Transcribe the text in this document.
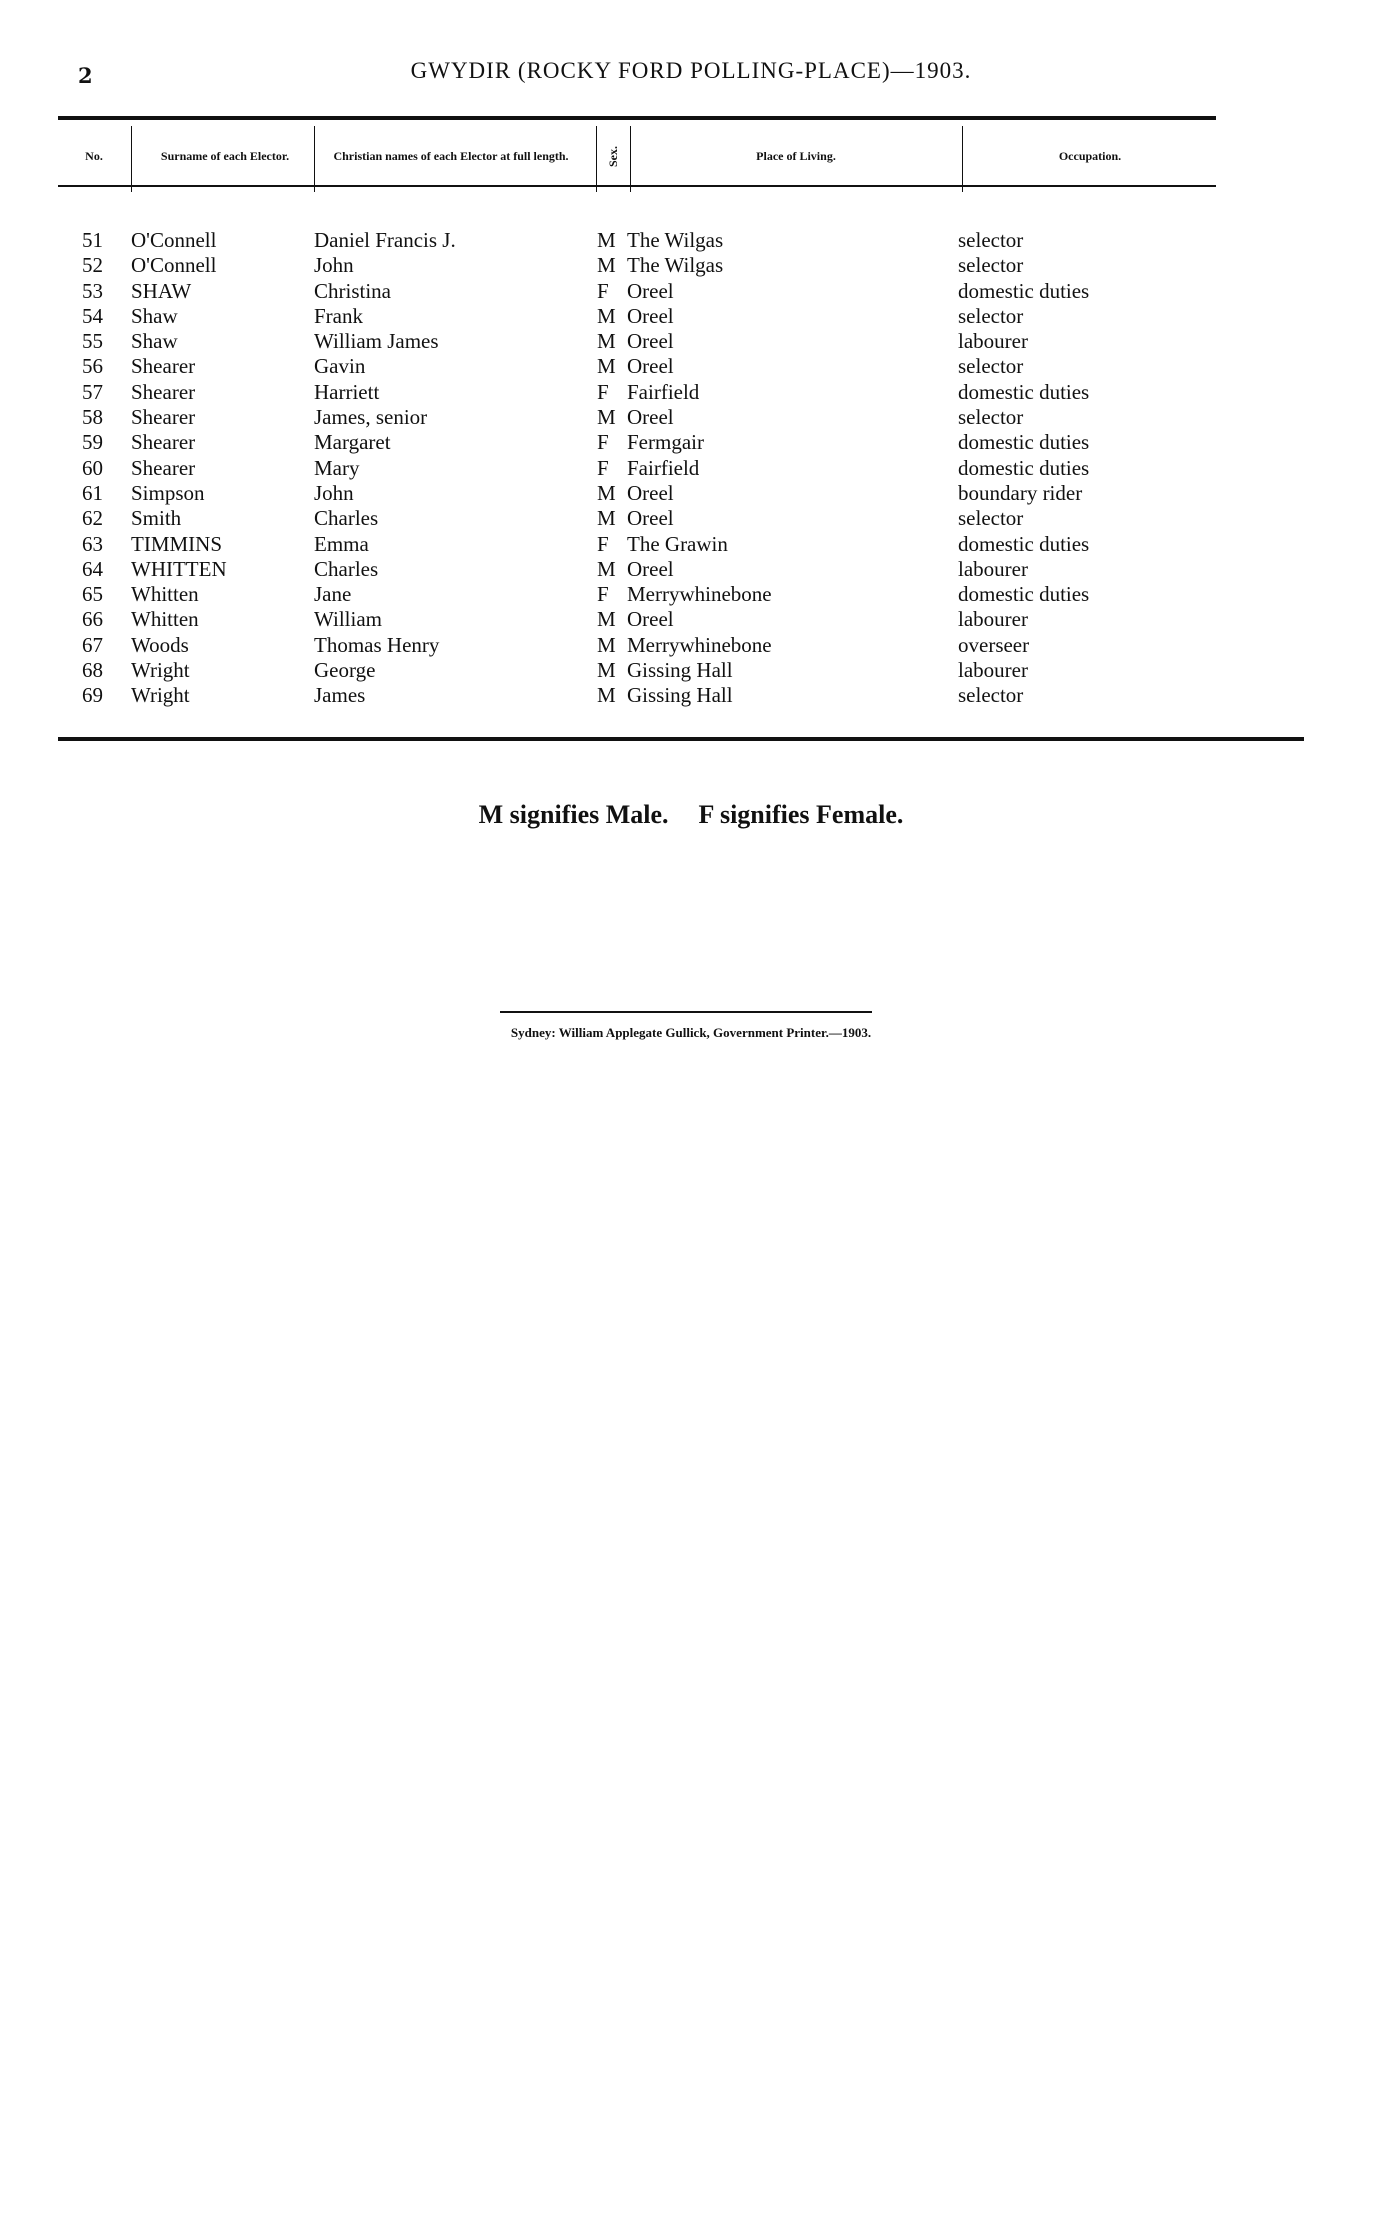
2	GWYDIR (ROCKY FORD POLLING-PLACE)—1903.
No.	Surname of each Elector.	Christian names of each Elector at full length.	Sex.	Place of Living.	Occupation.
51 O'Connell	Daniel Francis J.	M The Wilgas	selector
52 O'Connell	John	M The Wilgas	selector
53 SHAW	Christina	F Oreel	domestic duties
54 Shaw	Frank	M Oreel	selector
55 Shaw	William James	M Oreel	labourer
56 Shearer	Gavin	M Oreel	selector
57 Shearer	Harriett	F Fairfield	domestic duties
58 Shearer	James, senior	M Oreel	selector
59 Shearer	Margaret	F Fermgair	domestic duties
60 Shearer	Mary	F Fairfield	domestic duties
61 Simpson	John	M Oreel	boundary rider
62 Smith	Charles	M Oreel	selector
63 TIMMINS	Emma	F The Grawin	domestic duties
64 WHITTEN	Charles	M Oreel	labourer
65 Whitten	Jane	F Merrywhinebone	domestic duties
66 Whitten	William	M Oreel	labourer
67 Woods	Thomas Henry	M Merrywhinebone	overseer
68 Wright	George	M Gissing Hall	labourer
69 Wright	James	M Gissing Hall	selector
M signifies Male. F signifies Female.
Sydney: William Applegate Gullick, Government Printer.—1903.
